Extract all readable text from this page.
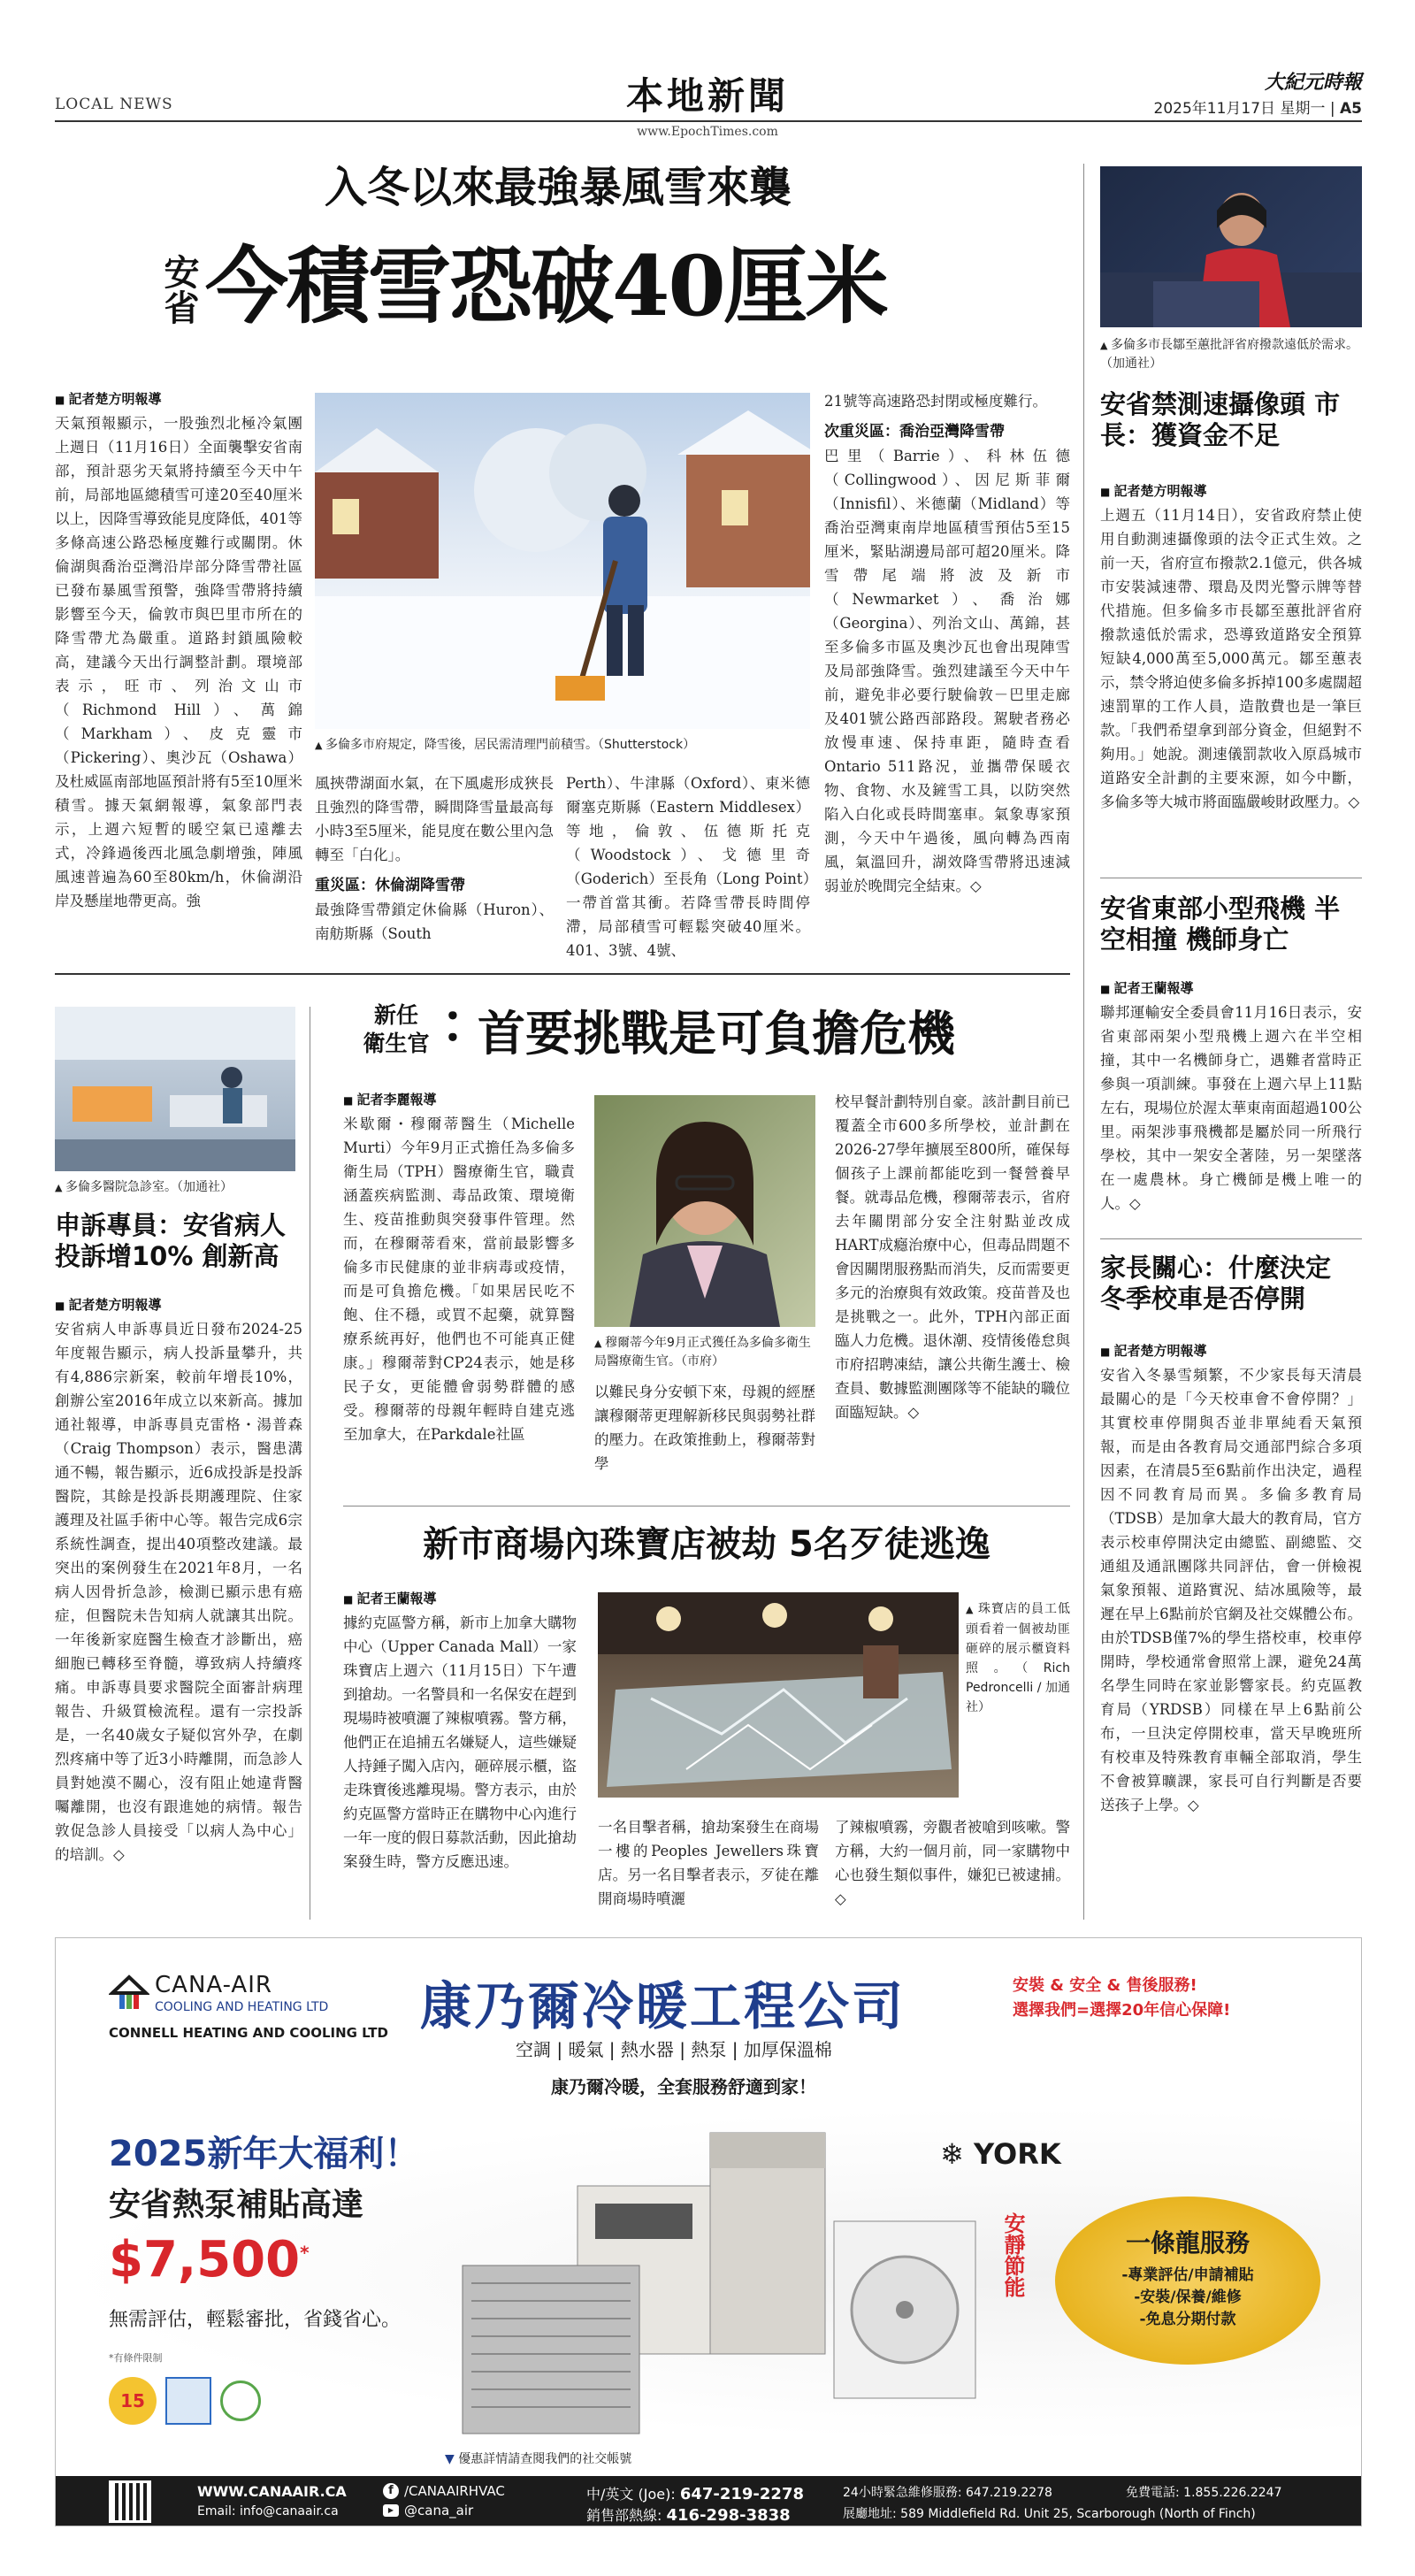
LOCAL NEWS	本地新聞
www.EpochTimes.com
大紀元時報
2025年11月17日 星期一 | A5
入冬以來最強暴風雪來襲
安省 今積雪恐破40厘米
■ 記者楚方明報導
天氣預報顯示，一股強烈北極冷氣團上週日（11月16日）全面襲擊安省南部，預計惡劣天氣將持續至今天中午前，局部地區總積雪可達20至40厘米以上，因降雪導致能見度降低，401等多條高速公路恐極度難行或關閉。休倫湖與喬治亞灣沿岸部分降雪帶社區已發布暴風雪預警，強降雪帶將持續影響至今天，倫敦市與巴里市所在的降雪帶尤為嚴重。道路封鎖風險較高，建議今天出行調整計劃。環境部表示，旺市、列治文山市（Richmond Hill）、萬錦（Markham）、皮克靈市（Pickering）、奧沙瓦（Oshawa）及杜威區南部地區預計將有5至10厘米積雪。據天氣網報導，氣象部門表示，上週六短暫的暖空氣已遠離去式，冷鋒過後西北風急劇增強，陣風風速普遍為60至80km/h，休倫湖沿岸及懸崖地帶更高。強
▲ 多倫多市府規定，降雪後，居民需清理門前積雪。（Shutterstock）
風挾帶湖面水氣，在下風處形成狹長且強烈的降雪帶，瞬間降雪量最高每小時3至5厘米，能見度在數公里內急轉至「白化」。
重災區：休倫湖降雪帶
最強降雪帶鎖定休倫縣（Huron）、南舫斯縣（South
Perth）、牛津縣（Oxford）、東米德爾塞克斯縣（Eastern Middlesex）等地，倫敦、伍德斯托克（Woodstock）、戈德里奇（Goderich）至長角（Long Point）一帶首當其衝。若降雪帶長時間停滯，局部積雪可輕鬆突破40厘米。401、3號、4號、
21號等高速路恐封閉或極度難行。
次重災區：喬治亞灣降雪帶
巴里（Barrie）、科林伍德（Collingwood）、因尼斯菲爾（Innisfil）、米德蘭（Midland）等喬治亞灣東南岸地區積雪預估5至15厘米，緊貼湖邊局部可超20厘米。降雪帶尾端將波及新市（Newmarket）、喬治娜（Georgina）、列治文山、萬錦，甚至多倫多市區及奧沙瓦也會出現陣雪及局部強降雪。強烈建議至今天中午前，避免非必要行駛倫敦－巴里走廊及401號公路西部路段。駕駛者務必放慢車速、保持車距，隨時查看Ontario 511路況，並攜帶保暖衣物、食物、水及鏟雪工具，以防突然陷入白化或長時間塞車。氣象專家預測，今天中午過後，風向轉為西南風，氣溫回升，湖效降雪帶將迅速減弱並於晚間完全結束。◇
▲ 多倫多市長鄒至蕙批評省府撥款遠低於需求。（加通社）
安省禁測速攝像頭 市長：獲資金不足
■ 記者楚方明報導
上週五（11月14日），安省政府禁止使用自動測速攝像頭的法令正式生效。之前一天，省府宣布撥款2.1億元，供各城市安裝減速帶、環島及閃光警示牌等替代措施。但多倫多市長鄒至蕙批評省府撥款遠低於需求，恐導致道路安全預算短缺4,000萬至5,000萬元。鄒至蕙表示，禁令將迫使多倫多拆掉100多處闊超速罰單的工作人員，造散費也是一筆巨款。「我們希望拿到部分資金，但絕對不夠用。」她說。測速儀罰款收入原爲城市道路安全計劃的主要來源，如今中斷，多倫多等大城市將面臨嚴峻財政壓力。◇
安省東部小型飛機 半空相撞 機師身亡
■ 記者王蘭報導
聯邦運輸安全委員會11月16日表示，安省東部兩架小型飛機上週六在半空相撞，其中一名機師身亡，遇難者當時正參與一項訓練。事發在上週六早上11點左右，現場位於渥太華東南面超過100公里。兩架涉事飛機都是屬於同一所飛行學校，其中一架安全著陸，另一架墜落在一處農林。身亡機師是機上唯一的人。◇
家長關心：什麼決定 冬季校車是否停開
■ 記者楚方明報導
安省入冬暴雪頻繁，不少家長每天清晨最關心的是「今天校車會不會停開？」其實校車停開與否並非單純看天氣預報，而是由各教育局交通部門綜合多項因素，在清晨5至6點前作出決定，過程因不同教育局而異。多倫多教育局（TDSB）是加拿大最大的教育局，官方表示校車停開決定由總監、副總監、交通組及通訊團隊共同評估，會一併檢視氣象預報、道路實況、結冰風險等，最遲在早上6點前於官網及社交媒體公布。由於TDSB僅7%的學生搭校車，校車停開時，學校通常會照常上課，避免24萬名學生同時在家並影響家長。約克區教育局（YRDSB）同樣在早上6點前公布，一旦決定停開校車，當天早晚班所有校車及特殊教育車輛全部取消，學生不會被算曠課，家長可自行判斷是否要送孩子上學。◇
▲ 多倫多醫院急診室。（加通社）
申訴專員：安省病人 投訴增10% 創新高
■ 記者楚方明報導
安省病人申訴專員近日發布2024-25年度報告顯示，病人投訴量攀升，共有4,886宗新案，較前年增長10%，創辦公室2016年成立以來新高。據加通社報導，申訴專員克雷格・湯普森（Craig Thompson）表示，醫患溝通不暢，報告顯示，近6成投訴是投訴醫院，其餘是投訴長期護理院、住家護理及社區手術中心等。報告完成6宗系統性調查，提出40項整改建議。最突出的案例發生在2021年8月，一名病人因骨折急診，檢測已顯示患有癌症，但醫院未告知病人就讓其出院。一年後新家庭醫生檢查才診斷出，癌細胞已轉移至脊髓，導致病人持續疼痛。申訴專員要求醫院全面審計病理報告、升級質檢流程。還有一宗投訴是，一名40歲女子疑似宮外孕，在劇烈疼痛中等了近3小時離開，而急診人員對她漠不關心，沒有阻止她違背醫囑離開，也沒有跟進她的病情。報告敦促急診人員接受「以病人為中心」的培訓。◇
新任
衛生官 ：
首要挑戰是可負擔危機
■ 記者李麗報導
米歇爾・穆爾蒂醫生（Michelle Murti）今年9月正式擔任為多倫多衛生局（TPH）醫療衛生官，職責涵蓋疾病監測、毒品政策、環境衛生、疫苗推動與突發事件管理。然而，在穆爾蒂看來，當前最影響多倫多市民健康的並非病毒或疫情，而是可負擔危機。「如果居民吃不飽、住不穩，或買不起藥，就算醫療系統再好，他們也不可能真正健康。」穆爾蒂對CP24表示，她是移民子女，更能體會弱勢群體的感受。穆爾蒂的母親年輕時自建克逃至加拿大，在Parkdale社區
▲ 穆爾蒂今年9月正式獲任為多倫多衛生局醫療衛生官。（市府）
以難民身分安頓下來，母親的經歷讓穆爾蒂更理解新移民與弱勢社群的壓力。在政策推動上，穆爾蒂對學
校早餐計劃特別自豪。該計劃目前已覆蓋全市600多所學校，並計劃在2026-27學年擴展至800所，確保每個孩子上課前都能吃到一餐營養早餐。就毒品危機，穆爾蒂表示，省府去年關閉部分安全注射點並改成HART成癮治療中心，但毒品問題不會因關閉服務點而消失，反而需要更多元的治療與有效政策。疫苗普及也是挑戰之一。此外，TPH內部正面臨人力危機。退休潮、疫情後倦怠與市府招聘凍結，讓公共衛生護士、檢查員、數據監測團隊等不能缺的職位面臨短缺。◇
新市商場內珠寶店被劫 5名歹徒逃逸
■ 記者王蘭報導
據約克區警方稱，新市上加拿大購物中心（Upper Canada Mall）一家珠寶店上週六（11月15日）下午遭到搶劫。一名警員和一名保安在趕到現場時被噴灑了辣椒噴霧。警方稱，他們正在追捕五名嫌疑人，這些嫌疑人持錘子闖入店內，砸碎展示櫃，盜走珠寶後逃離現場。警方表示，由於約克區警方當時正在購物中心內進行一年一度的假日募款活動，因此搶劫案發生時，警方反應迅速。
▲ 珠寶店的員工低頭看着一個被劫匪砸碎的展示櫃資料照。（Rich Pedroncelli / 加通社）
一名目擊者稱，搶劫案發生在商場一樓的Peoples Jewellers珠寶店。另一名目擊者表示，歹徒在離開商場時噴灑
了辣椒噴霧，旁觀者被嗆到咳嗽。警方稱，大約一個月前，同一家購物中心也發生類似事件，嫌犯已被逮捕。◇
CANA-AIR
COOLING AND HEATING LTD
CONNELL HEATING AND COOLING LTD 康乃爾冷暖工程公司
空調 | 暖氣 | 熱水器 | 熱泵 | 加厚保溫棉
康乃爾冷暖，全套服務舒適到家！
安裝 & 安全 & 售後服務!
選擇我們=選擇20年信心保障!
2025新年大福利！
安省熱泵補貼高達
$7,500*
無需評估，輕鬆審批，省錢省心。
*有條件限制
15
❄ YORK
安靜節能	一條龍服務
-專業評估/申請補貼
-安裝/保養/維修
-免息分期付款
▼ 優惠詳情請查閱我們的社交帳號
WWW.CANAAIR.CA
Email: info@canaair.ca
f /CANAAIRHVAC
▶ @cana_air
中/英文 (Joe): 647-219-2278
銷售部熱線: 416-298-3838
24小時緊急維修服務: 647.219.2278	免費電話: 1.855.226.2247
展廳地址: 589 Middlefield Rd. Unit 25, Scarborough (North of Finch)
